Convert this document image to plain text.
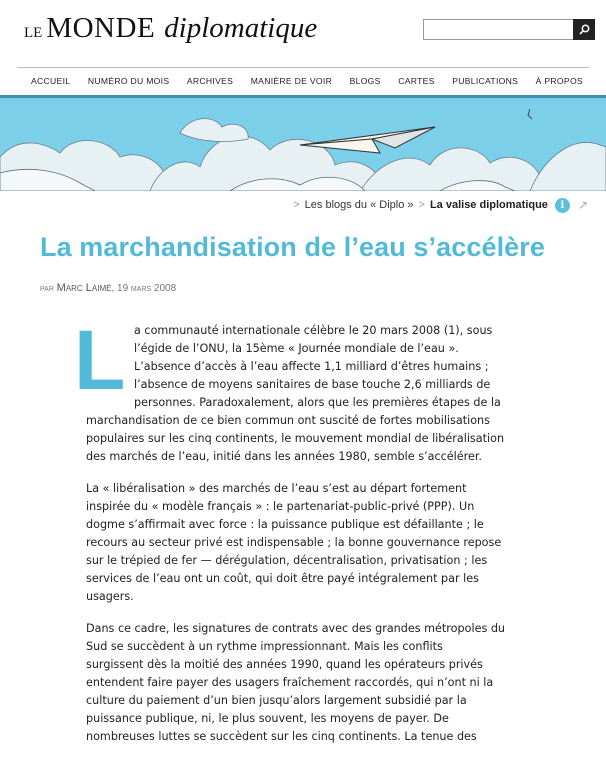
LE MONDE diplomatique
ACCUEIL NUMÉRO DU MOIS ARCHIVES MANIÈRE DE VOIR BLOGS CARTES PUBLICATIONS À PROPOS
> Les blogs du « Diplo » > La valise diplomatique	i	↗
La marchandisation de l’eau s’accélère
par Marc Laimé, 19 mars 2008
L a communauté internationale célèbre le 20 mars 2008 (1), sous
l’égide de l’ONU, la 15ème « Journée mondiale de l’eau ».
L’absence d’accès à l’eau affecte 1,1 milliard d’êtres humains ;
l’absence de moyens sanitaires de base touche 2,6 milliards de
personnes. Paradoxalement, alors que les premières étapes de la
marchandisation de ce bien commun ont suscité de fortes mobilisations
populaires sur les cinq continents, le mouvement mondial de libéralisation
des marchés de l’eau, initié dans les années 1980, semble s’accélérer.

La « libéralisation » des marchés de l’eau s’est au départ fortement
inspirée du « modèle français » : le partenariat-public-privé (PPP). Un
dogme s’affirmait avec force : la puissance publique est défaillante ; le
recours au secteur privé est indispensable ; la bonne gouvernance repose
sur le trépied de fer — dérégulation, décentralisation, privatisation ; les
services de l’eau ont un coût, qui doit être payé intégralement par les
usagers.

Dans ce cadre, les signatures de contrats avec des grandes métropoles du
Sud se succèdent à un rythme impressionnant. Mais les conflits
surgissent dès la moitié des années 1990, quand les opérateurs privés
entendent faire payer des usagers fraîchement raccordés, qui n’ont ni la
culture du paiement d’un bien jusqu’alors largement subsidié par la
puissance publique, ni, le plus souvent, les moyens de payer. De
nombreuses luttes se succèdent sur les cinq continents. La tenue des
